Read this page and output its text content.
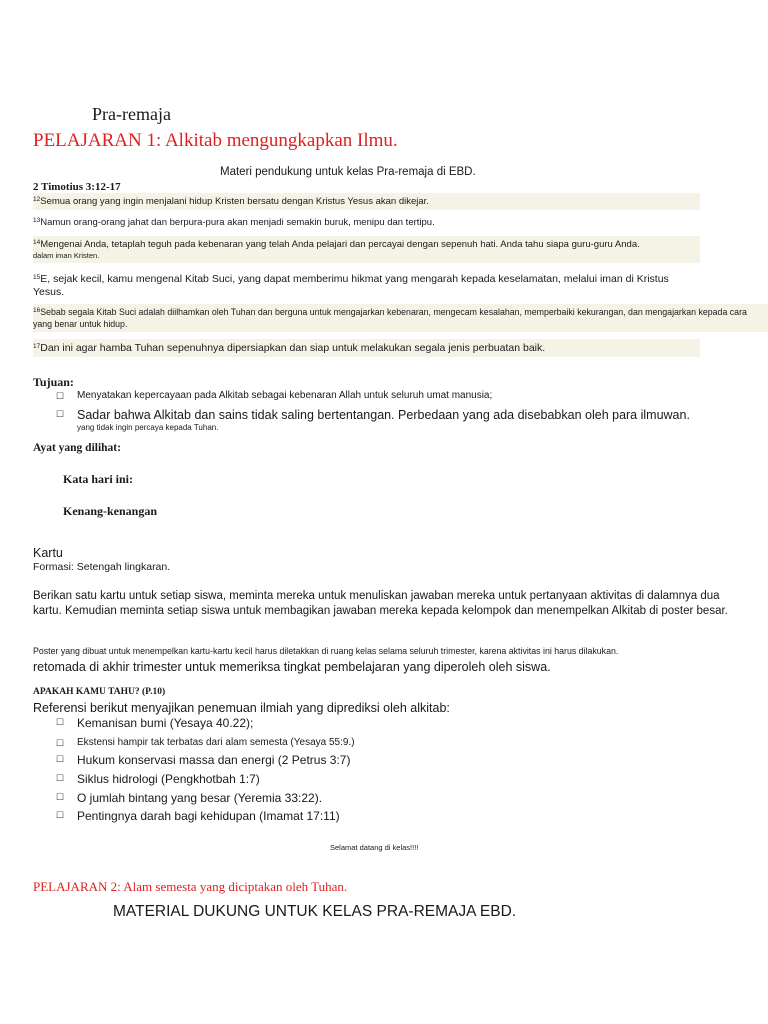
Pra-remaja
PELAJARAN 1: Alkitab mengungkapkan Ilmu.
Materi pendukung untuk kelas Pra-remaja di EBD.
2 Timotius 3:12-17
$^{12}$Semua orang yang ingin menjalani hidup Kristen bersatu dengan Kristus Yesus akan dikejar.
$^{13}$Namun orang-orang jahat dan berpura-pura akan menjadi semakin buruk, menipu dan tertipu.
$^{14}$Mengenai Anda, tetaplah teguh pada kebenaran yang telah Anda pelajari dan percayai dengan sepenuh hati. Anda tahu siapa guru-guru Anda.
dalam iman Kristen.
$^{15}$E, sejak kecil, kamu mengenal Kitab Suci, yang dapat memberimu hikmat yang mengarah kepada keselamatan, melalui iman di Kristus Yesus.
$^{16}$Sebab segala Kitab Suci adalah diilhamkan oleh Tuhan dan berguna untuk mengajarkan kebenaran, mengecam kesalahan, memperbaiki kekurangan, dan mengajarkan kepada cara yang benar untuk hidup.
$^{17}$Dan ini agar hamba Tuhan sepenuhnya dipersiapkan dan siap untuk melakukan segala jenis perbuatan baik.
Tujuan:
☐	Menyatakan kepercayaan pada Alkitab sebagai kebenaran Allah untuk seluruh umat manusia;
☐	Sadar bahwa Alkitab dan sains tidak saling bertentangan. Perbedaan yang ada disebabkan oleh para ilmuwan.
yang tidak ingin percaya kepada Tuhan.
Ayat yang dilihat:
Kata hari ini:
Kenang-kenangan
Kartu
Formasi: Setengah lingkaran.
Berikan satu kartu untuk setiap siswa, meminta mereka untuk menuliskan jawaban mereka untuk pertanyaan aktivitas di dalamnya dua kartu. Kemudian meminta setiap siswa untuk membagikan jawaban mereka kepada kelompok dan menempelkan Alkitab di poster besar.
Poster yang dibuat untuk menempelkan kartu-kartu kecil harus diletakkan di ruang kelas selama seluruh trimester, karena aktivitas ini harus dilakukan.
retomada di akhir trimester untuk memeriksa tingkat pembelajaran yang diperoleh oleh siswa.
APAKAH KAMU TAHU? (P.10)
Referensi berikut menyajikan penemuan ilmiah yang diprediksi oleh alkitab:
☐	Kemanisan bumi (Yesaya 40.22);
☐	Ekstensi hampir tak terbatas dari alam semesta (Yesaya 55:9.)
☐	Hukum konservasi massa dan energi (2 Petrus 3:7)
☐	Siklus hidrologi (Pengkhotbah 1:7)
☐	O jumlah bintang yang besar (Yeremia 33:22).
☐	Pentingnya darah bagi kehidupan (Imamat 17:11)
Selamat datang di kelas!!!!
PELAJARAN 2: Alam semesta yang diciptakan oleh Tuhan.
MATERIAL DUKUNG UNTUK KELAS PRA-REMAJA EBD.
